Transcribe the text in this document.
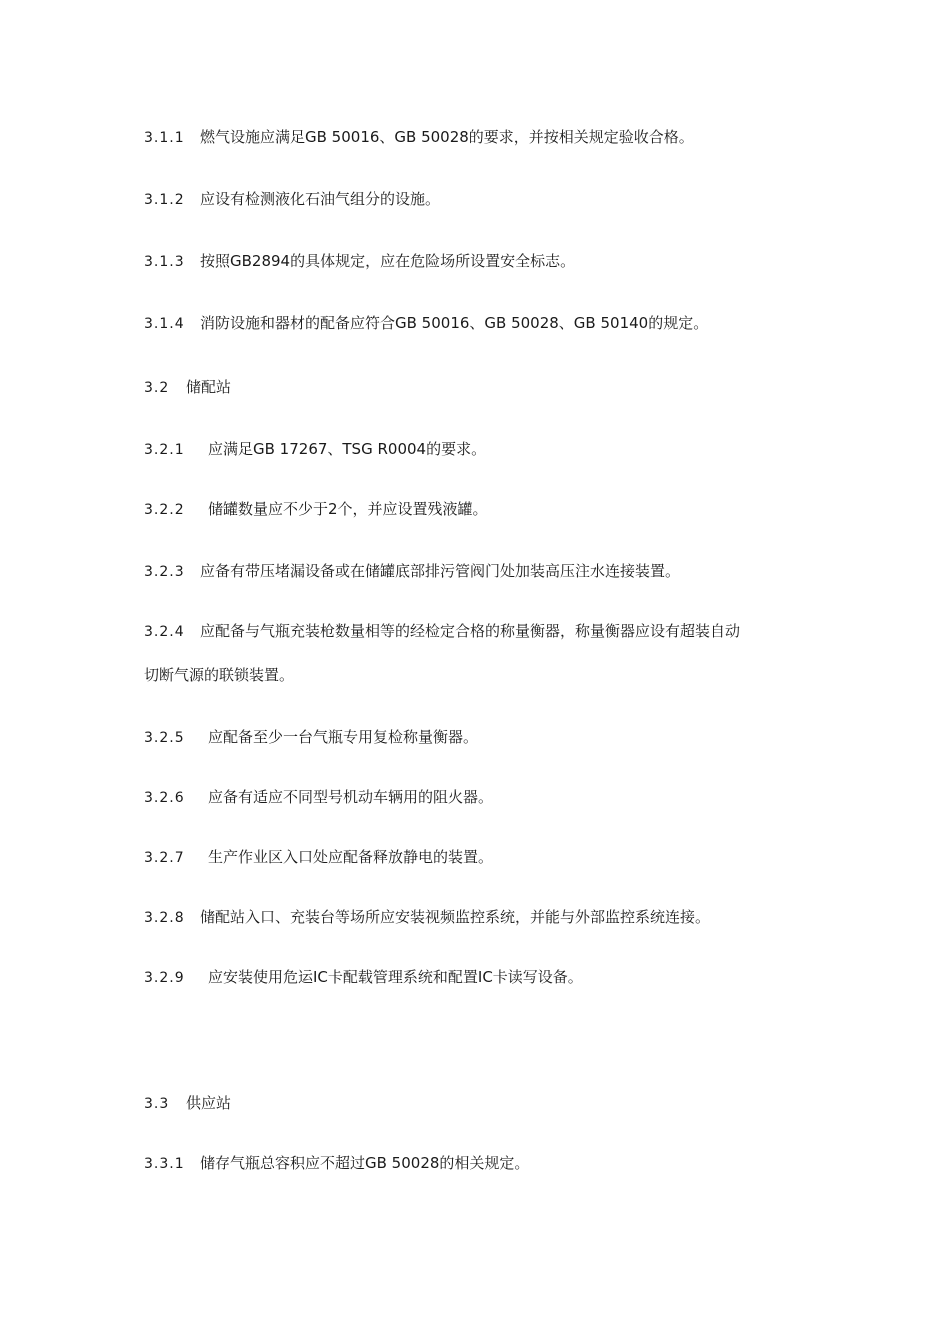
3.1.1 燃气设施应满足GB 50016、GB 50028的要求，并按相关规定验收合格。
3.1.2 应设有检测液化石油气组分的设施。
3.1.3 按照GB2894的具体规定，应在危险场所设置安全标志。
3.1.4 消防设施和器材的配备应符合GB 50016、GB 50028、GB 50140的规定。
3.2 储配站
3.2.1 应满足GB 17267、TSG R0004的要求。
3.2.2 储罐数量应不少于2个，并应设置残液罐。
3.2.3 应备有带压堵漏设备或在储罐底部排污管阀门处加装高压注水连接装置。
3.2.4 应配备与气瓶充装枪数量相等的经检定合格的称量衡器，称量衡器应设有超装自动
切断气源的联锁装置。
3.2.5 应配备至少一台气瓶专用复检称量衡器。
3.2.6 应备有适应不同型号机动车辆用的阻火器。
3.2.7 生产作业区入口处应配备释放静电的装置。
3.2.8 储配站入口、充装台等场所应安装视频监控系统，并能与外部监控系统连接。
3.2.9 应安装使用危运IC卡配载管理系统和配置IC卡读写设备。
3.3 供应站
3.3.1 储存气瓶总容积应不超过GB 50028的相关规定。
